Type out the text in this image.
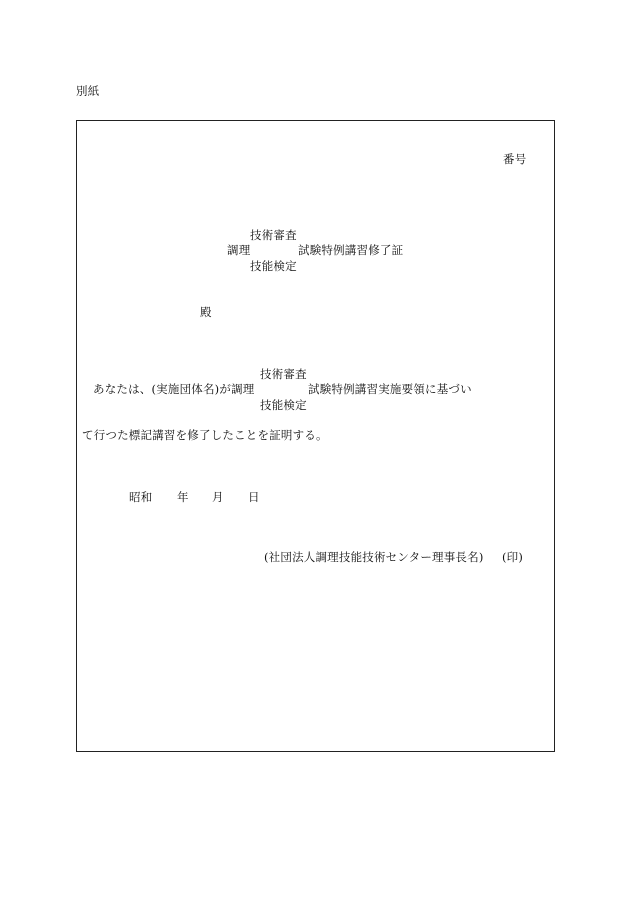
別紙
番号
技術審査
調理	試験特例講習修了証
技能検定
殿
技術審査
あなたは、(実施団体名)が調理	試験特例講習実施要領に基づい
技能検定
て行つた標記講習を修了したことを証明する。
昭和 年 月 日
(社団法人調理技能技術センター理事長名) (印)
